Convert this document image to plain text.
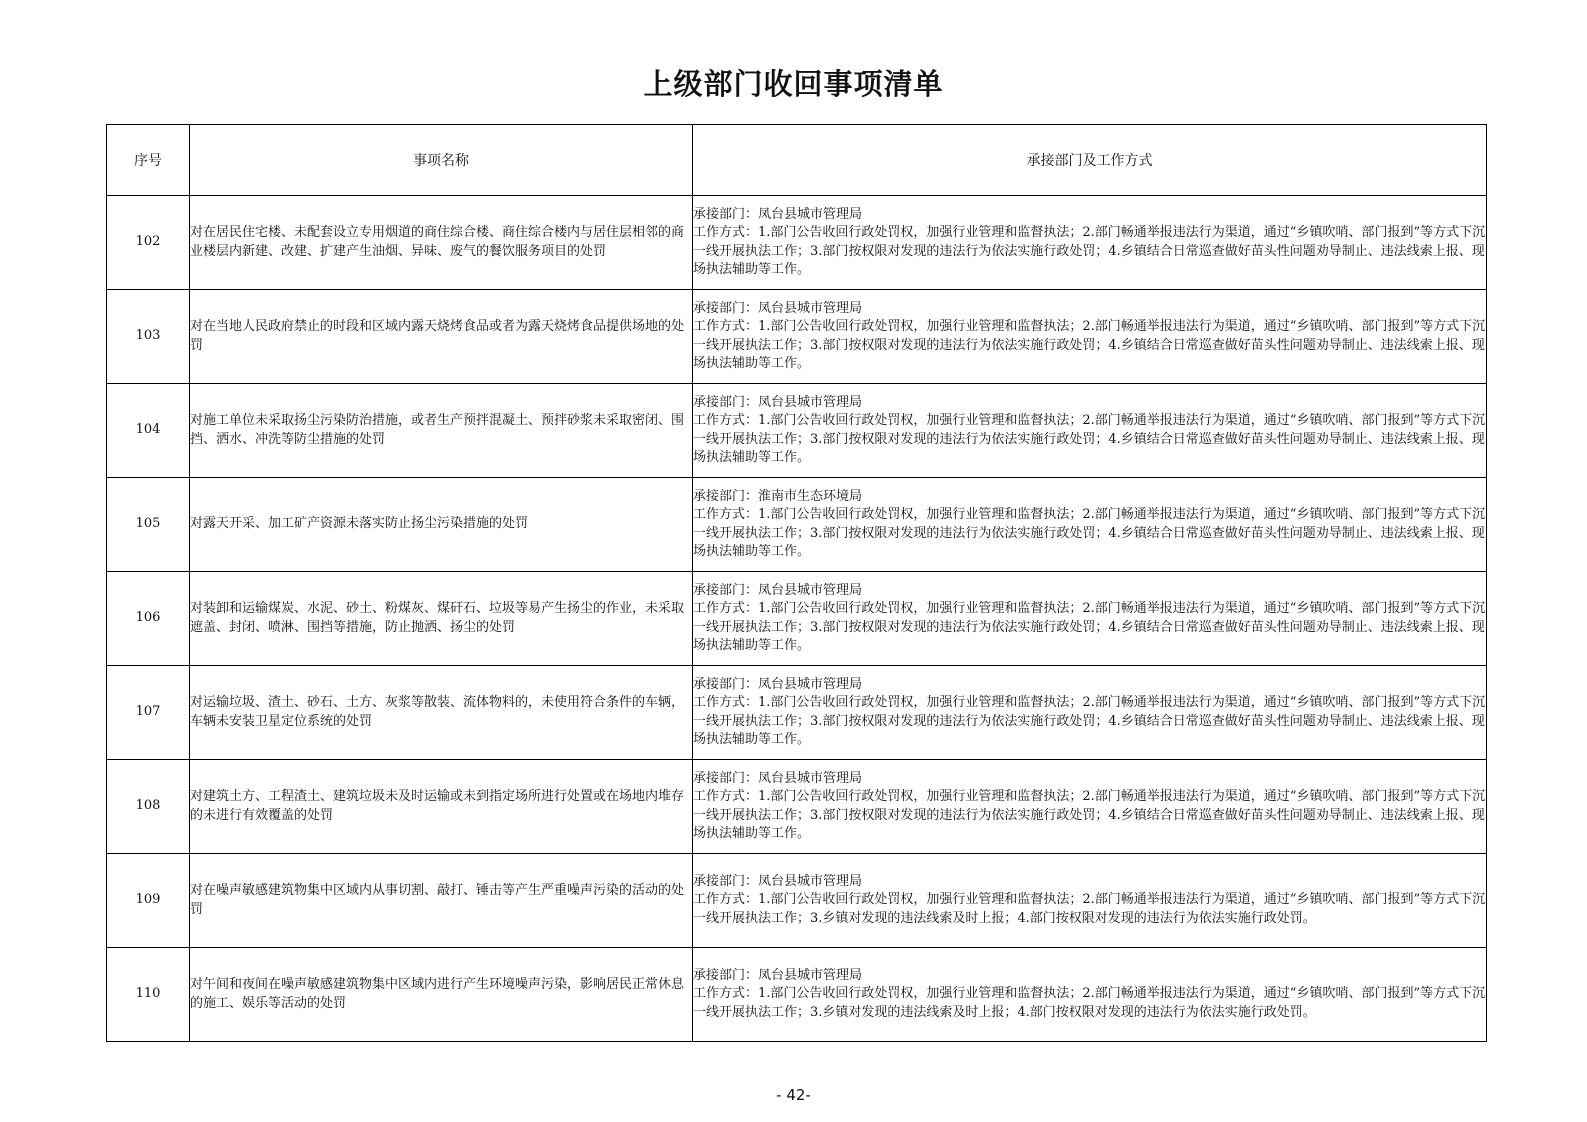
上级部门收回事项清单
序号	事项名称	承接部门及工作方式
102	对在居民住宅楼、未配套设立专用烟道的商住综合楼、商住综合楼内与居住层相邻的商业楼层内新建、改建、扩建产生油烟、异味、废气的餐饮服务项目的处罚	承接部门：凤台县城市管理局
工作方式：1.部门公告收回行政处罚权，加强行业管理和监督执法；2.部门畅通举报违法行为渠道，通过“乡镇吹哨、部门报到”等方式下沉一线开展执法工作；3.部门按权限对发现的违法行为依法实施行政处罚；4.乡镇结合日常巡查做好苗头性问题劝导制止、违法线索上报、现场执法辅助等工作。

103	对在当地人民政府禁止的时段和区域内露天烧烤食品或者为露天烧烤食品提供场地的处罚	承接部门：凤台县城市管理局
工作方式：1.部门公告收回行政处罚权，加强行业管理和监督执法；2.部门畅通举报违法行为渠道，通过“乡镇吹哨、部门报到”等方式下沉一线开展执法工作；3.部门按权限对发现的违法行为依法实施行政处罚；4.乡镇结合日常巡查做好苗头性问题劝导制止、违法线索上报、现场执法辅助等工作。

104	对施工单位未采取扬尘污染防治措施，或者生产预拌混凝土、预拌砂浆未采取密闭、围挡、洒水、冲洗等防尘措施的处罚	承接部门：凤台县城市管理局
工作方式：1.部门公告收回行政处罚权，加强行业管理和监督执法；2.部门畅通举报违法行为渠道，通过“乡镇吹哨、部门报到”等方式下沉一线开展执法工作；3.部门按权限对发现的违法行为依法实施行政处罚；4.乡镇结合日常巡查做好苗头性问题劝导制止、违法线索上报、现场执法辅助等工作。

105	对露天开采、加工矿产资源未落实防止扬尘污染措施的处罚	承接部门：淮南市生态环境局
工作方式：1.部门公告收回行政处罚权，加强行业管理和监督执法；2.部门畅通举报违法行为渠道，通过“乡镇吹哨、部门报到”等方式下沉一线开展执法工作；3.部门按权限对发现的违法行为依法实施行政处罚；4.乡镇结合日常巡查做好苗头性问题劝导制止、违法线索上报、现场执法辅助等工作。

106	对装卸和运输煤炭、水泥、砂土、粉煤灰、煤矸石、垃圾等易产生扬尘的作业，未采取遮盖、封闭、喷淋、围挡等措施，防止抛洒、扬尘的处罚	承接部门：凤台县城市管理局
工作方式：1.部门公告收回行政处罚权，加强行业管理和监督执法；2.部门畅通举报违法行为渠道，通过“乡镇吹哨、部门报到”等方式下沉一线开展执法工作；3.部门按权限对发现的违法行为依法实施行政处罚；4.乡镇结合日常巡查做好苗头性问题劝导制止、违法线索上报、现场执法辅助等工作。

107	对运输垃圾、渣土、砂石、土方、灰浆等散装、流体物料的，未使用符合条件的车辆，车辆未安装卫星定位系统的处罚	承接部门：凤台县城市管理局
工作方式：1.部门公告收回行政处罚权，加强行业管理和监督执法；2.部门畅通举报违法行为渠道，通过“乡镇吹哨、部门报到”等方式下沉一线开展执法工作；3.部门按权限对发现的违法行为依法实施行政处罚；4.乡镇结合日常巡查做好苗头性问题劝导制止、违法线索上报、现场执法辅助等工作。

108	对建筑土方、工程渣土、建筑垃圾未及时运输或未到指定场所进行处置或在场地内堆存的未进行有效覆盖的处罚	承接部门：凤台县城市管理局
工作方式：1.部门公告收回行政处罚权，加强行业管理和监督执法；2.部门畅通举报违法行为渠道，通过“乡镇吹哨、部门报到”等方式下沉一线开展执法工作；3.部门按权限对发现的违法行为依法实施行政处罚；4.乡镇结合日常巡查做好苗头性问题劝导制止、违法线索上报、现场执法辅助等工作。

109	对在噪声敏感建筑物集中区域内从事切割、敲打、锤击等产生严重噪声污染的活动的处罚	承接部门：凤台县城市管理局
工作方式：1.部门公告收回行政处罚权，加强行业管理和监督执法；2.部门畅通举报违法行为渠道，通过“乡镇吹哨、部门报到”等方式下沉一线开展执法工作；3.乡镇对发现的违法线索及时上报；4.部门按权限对发现的违法行为依法实施行政处罚。

110	对午间和夜间在噪声敏感建筑物集中区域内进行产生环境噪声污染，影响居民正常休息的施工、娱乐等活动的处罚	承接部门：凤台县城市管理局
工作方式：1.部门公告收回行政处罚权，加强行业管理和监督执法；2.部门畅通举报违法行为渠道，通过“乡镇吹哨、部门报到”等方式下沉一线开展执法工作；3.乡镇对发现的违法线索及时上报；4.部门按权限对发现的违法行为依法实施行政处罚。
- 42-
